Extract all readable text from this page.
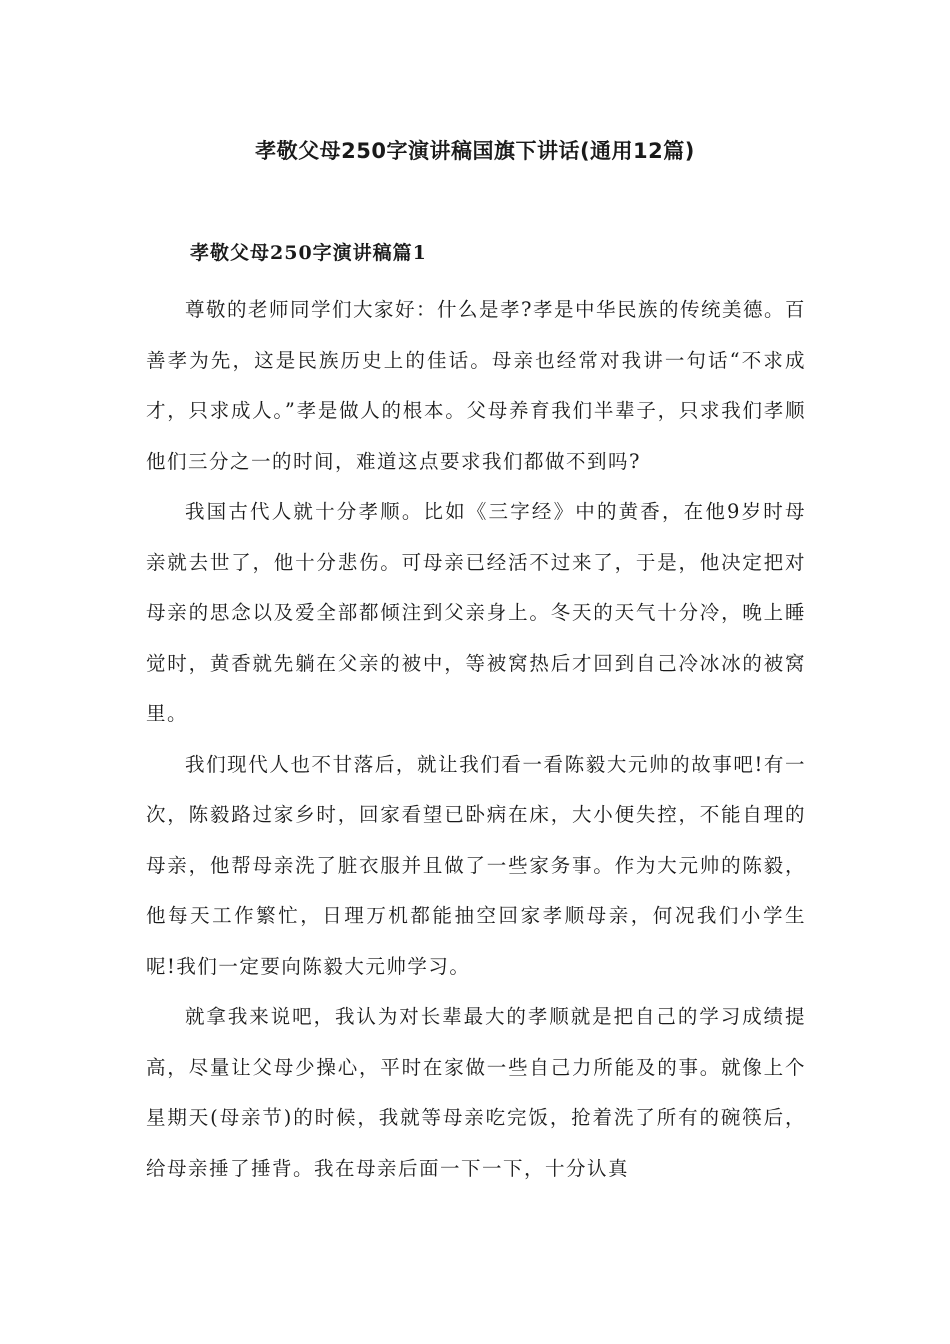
孝敬父母250字演讲稿国旗下讲话(通用12篇)
孝敬父母250字演讲稿篇1

尊敬的老师同学们大家好：什么是孝?孝是中华民族的传统美德。百善孝为先，这是民族历史上的佳话。母亲也经常对我讲一句话“不求成才，只求成人。”孝是做人的根本。父母养育我们半辈子，只求我们孝顺他们三分之一的时间，难道这点要求我们都做不到吗?

我国古代人就十分孝顺。比如《三字经》中的黄香，在他9岁时母亲就去世了，他十分悲伤。可母亲已经活不过来了，于是，他决定把对母亲的思念以及爱全部都倾注到父亲身上。冬天的天气十分冷，晚上睡觉时，黄香就先躺在父亲的被中，等被窝热后才回到自己冷冰冰的被窝里。

我们现代人也不甘落后，就让我们看一看陈毅大元帅的故事吧!有一次，陈毅路过家乡时，回家看望已卧病在床，大小便失控，不能自理的母亲，他帮母亲洗了脏衣服并且做了一些家务事。作为大元帅的陈毅，他每天工作繁忙，日理万机都能抽空回家孝顺母亲，何况我们小学生呢!我们一定要向陈毅大元帅学习。

就拿我来说吧，我认为对长辈最大的孝顺就是把自己的学习成绩提高，尽量让父母少操心，平时在家做一些自己力所能及的事。就像上个星期天(母亲节)的时候，我就等母亲吃完饭，抢着洗了所有的碗筷后，给母亲捶了捶背。我在母亲后面一下一下，十分认真
